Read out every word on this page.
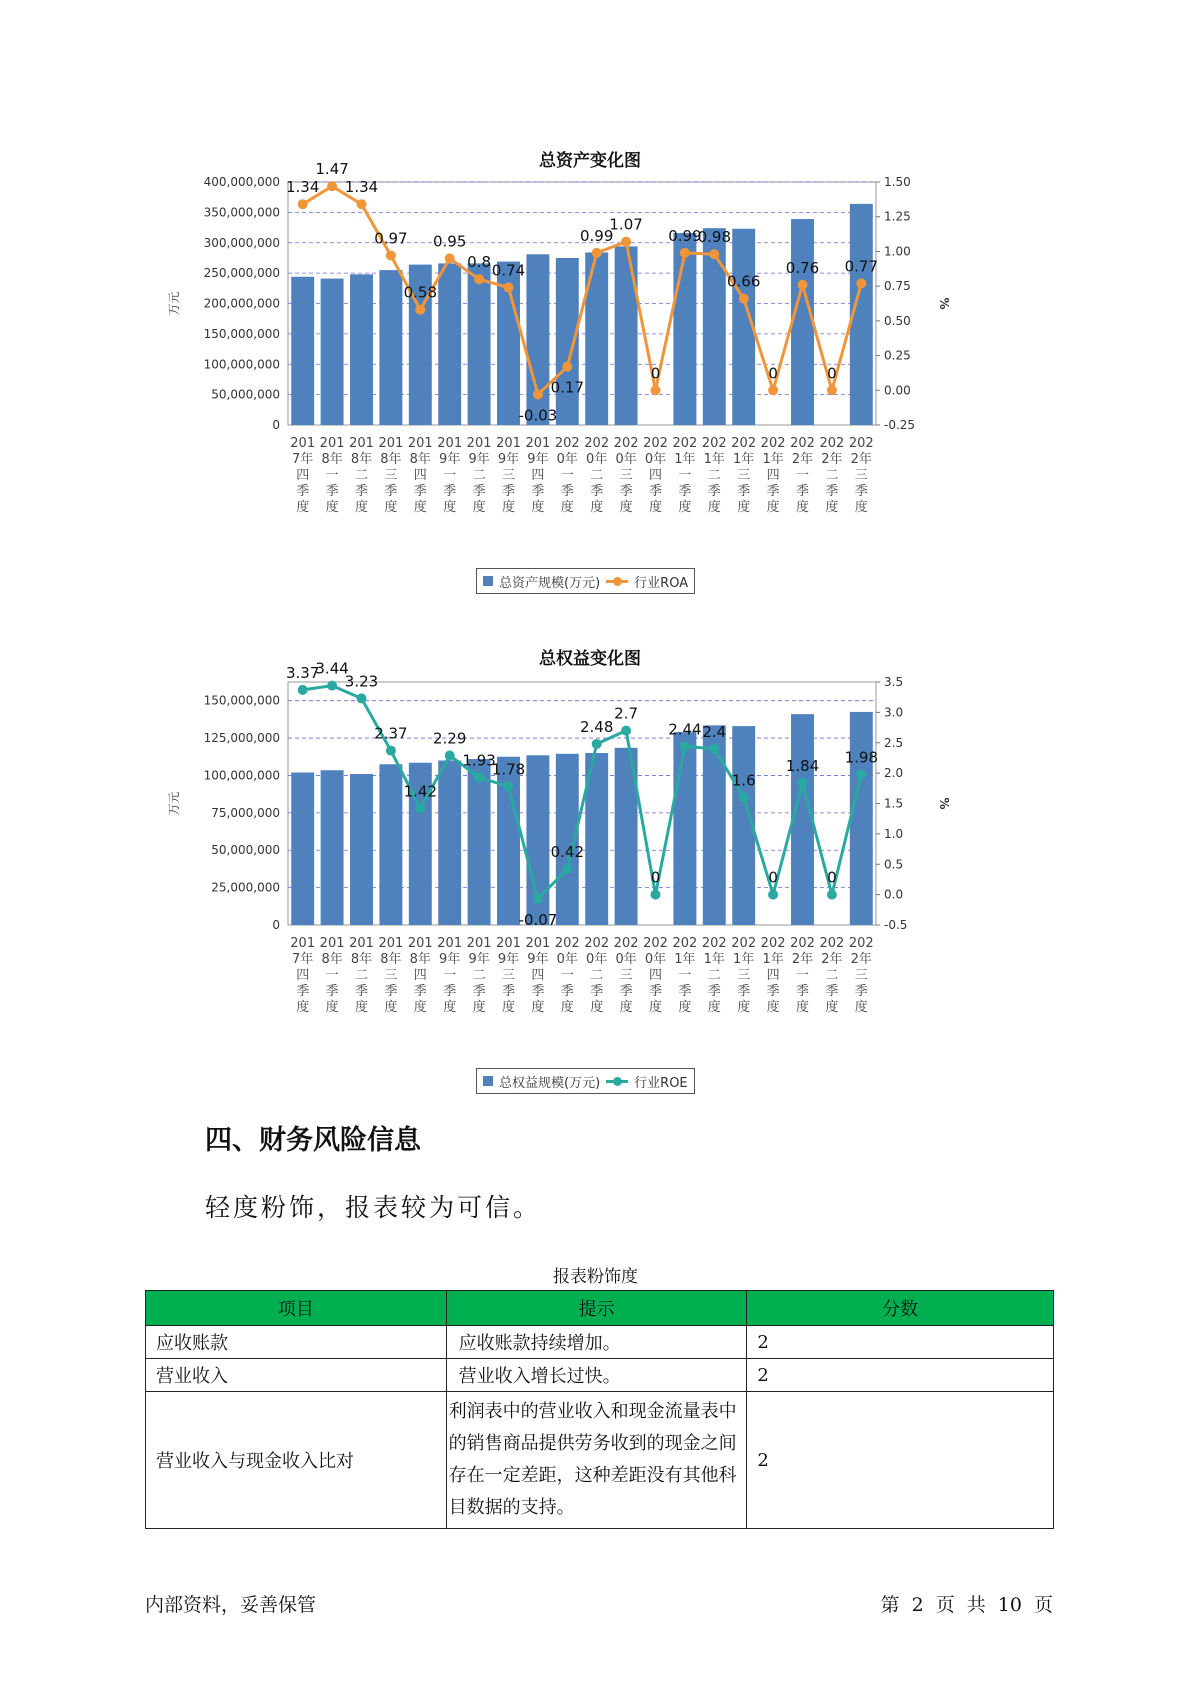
总资产变化图
0
50,000,000
100,000,000
150,000,000
200,000,000
250,000,000
300,000,000
350,000,000
400,000,000
-0.25
0.00
0.25
0.50
0.75
1.00
1.25
1.50
万元	%
1.34
1.47
1.34
0.97
0.58
0.95
0.8 0.74
-0.03
0.17
0.99
1.07
0
0.99
0.98
0.66
0
0.76
0
0.77
201
7年
四
季
度
201
8年
一
季
度
201
8年
二
季
度
201
8年
三
季
度
201
8年
四
季
度
201
9年
一
季
度
201
9年
二
季
度
201
9年
三
季
度
201
9年
四
季
度
202
0年
一
季
度
202
0年
二
季
度
202
0年
三
季
度
202
0年
四
季
度
202
1年
一
季
度
202
1年
二
季
度
202
1年
三
季
度
202
1年
四
季
度
202
2年
一
季
度
202
2年
二
季
度
202
2年
三
季
度
总资产规模(万元)	行业ROA
总权益变化图
0
25,000,000
50,000,000
75,000,000
100,000,000
125,000,000
150,000,000
-0.5
0.0
0.5
1.0
1.5
2.0
2.5
3.0
3.5
万元	%
3.37
3.44
3.23
2.37
1.42
2.29
1.93
1.78
-0.07
0.42
2.48
2.7
0
2.44 2.4
1.6
0
1.84
0
1.98
201
7年
四
季
度
201
8年
一
季
度
201
8年
二
季
度
201
8年
三
季
度
201
8年
四
季
度
201
9年
一
季
度
201
9年
二
季
度
201
9年
三
季
度
201
9年
四
季
度
202
0年
一
季
度
202
0年
二
季
度
202
0年
三
季
度
202
0年
四
季
度
202
1年
一
季
度
202
1年
二
季
度
202
1年
三
季
度
202
1年
四
季
度
202
2年
一
季
度
202
2年
二
季
度
202
2年
三
季
度
总权益规模(万元)	行业ROE
四、财务风险信息
轻度粉饰，报表较为可信。
报表粉饰度
项目	提示	分数
应收账款	应收账款持续增加。	2
营业收入	营业收入增长过快。	2
营业收入与现金收入比对	利润表中的营业收入和现金流量表中的销售商品提供劳务收到的现金之间存在一定差距，这种差距没有其他科目数据的支持。	2
内部资料，妥善保管	第 2 页 共 10 页
